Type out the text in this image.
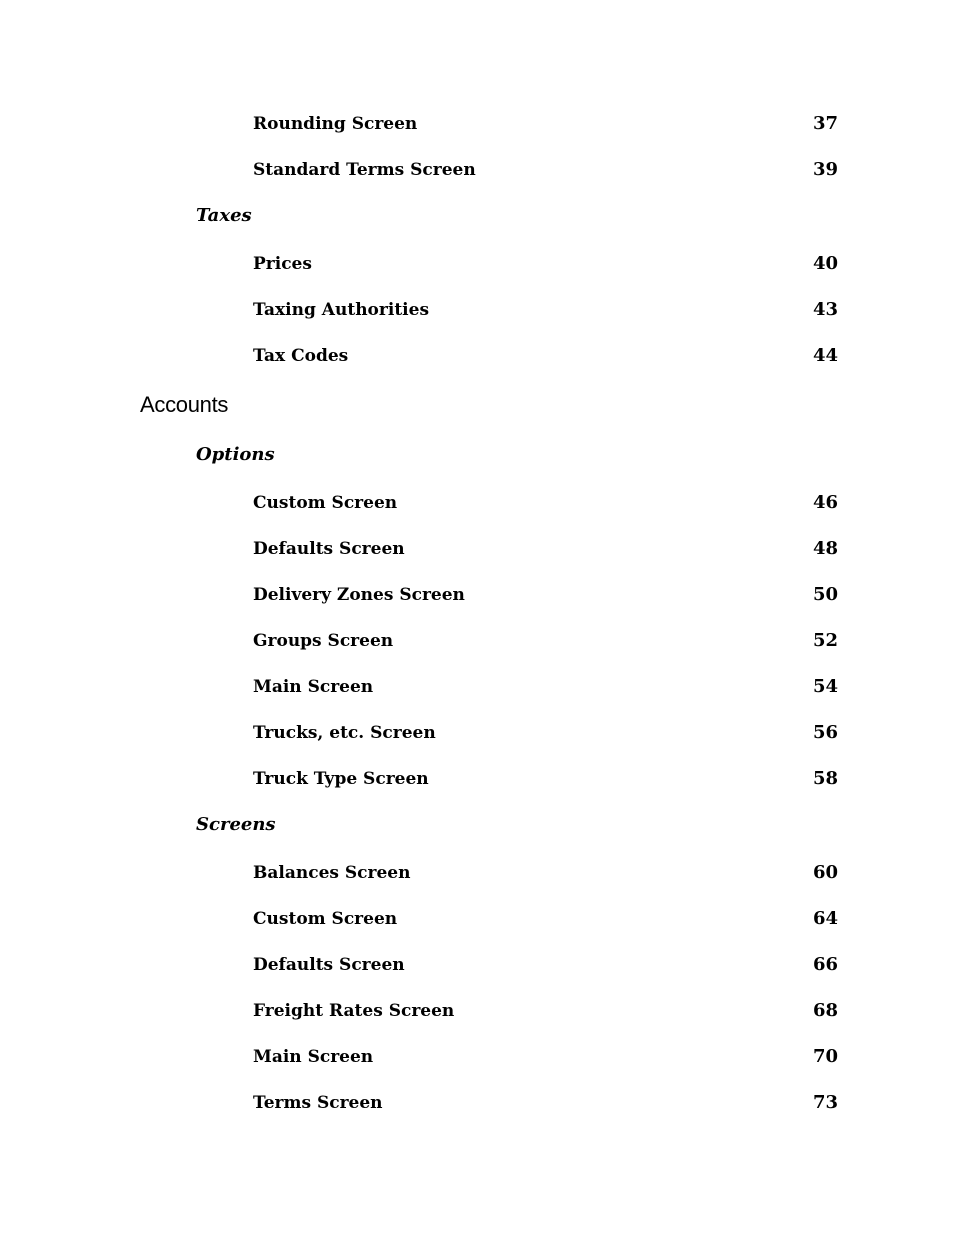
Rounding Screen	37
Standard Terms Screen	39
Taxes
Prices	40
Taxing Authorities	43
Tax Codes	44
Accounts
Options
Custom Screen	46
Defaults Screen	48
Delivery Zones Screen	50
Groups Screen	52
Main Screen	54
Trucks, etc. Screen	56
Truck Type Screen	58
Screens
Balances Screen	60
Custom Screen	64
Defaults Screen	66
Freight Rates Screen	68
Main Screen	70
Terms Screen	73
